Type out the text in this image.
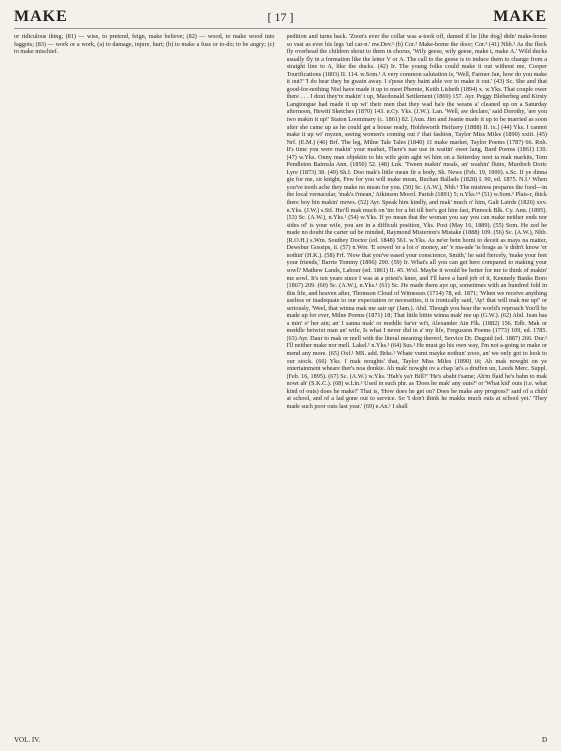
MAKE	[ 17 ]	MAKE

or ridiculous thing; (81) — wise, to pretend, feign, make believe; (82) — wood, to make wood into faggots; (83) — work or a work, (a) to damage, injure, hurt; (b) to make a fuss or to-do; to be angry; (c) to make mischief.

pedition and turns back. 'Zoon's ever the collar was a-took off, damed if he [the dog] didn' make-home so vast as ever his legs 'ud car-n.' nw.Dev.¹ (b) Cor.² Make-home the door; Cor.³ (41) Nhb.¹ As the fleck fly overhead the children shout to them in chorus, 'Wily geese, wily geese, make t, make A.' Wild ducks usually fly in a formation like the letter V or A. The call to the geese is to induce them to change from a straight line to A, like the ducks. (42) Ir. The young folks could make it out without me, Cooper Tourifications (1803) II. 114. w.Som.¹ A very common salutation is, 'Well, Farmer Jan, how do you make it out?' 'I do hear they be gwain away. I s'pose they baint able vor to make it out.' (43) Sc. She and that good-for-nothing Niel have made it up to meet Phemie, Keith Lisbeth (1894) x. w.Yks. That couple ower there . . . I dout they're makin' t up, Macdonald Settlement (1869) 157. Ayr. Peggy Bleberbeg and Kirsty Langtongue had made it up wi' their men that they wad ha'e the weans a' cleaned up on a Saturday afternoon, Hewitt Sketches (1870) 143. n.Cy. Yks. (J.W.). Lan. 'Well, aw declare,' said Dorothy, 'are you two makin it up!' Staton Loominary (c. 1861) 82. [Aun. Jim and Jeanie made it up to be married as soon after she came up as he could get a house ready, Holdsworth Heifzery (1888) II. ix.] (44) Yks. I cannot make it up wi' myzen, seeing women's coming out i' that fashion, Taylor Miss Miles (1890) xxiii. (45) Nrf. (E.M.) (46) Brf. The leg, Milne Tale Tales (1840) 11 make market, Taylor Poems (1787) 66. Rxb. It's time you were makin' your market, There's nae use in waitin' ower lang, Bard Poems (1861) 130. (47) w.Yks. Onny man objektin to his wife goin aght wi him on a Setterday neet ta mak markits, Tom Pendleton Bairnsla Ann. (1850) 52. (48) Lnk. 'Tween makin' meals, an' washin' fluirs, Murdoch Doric Lyre (1873) 38. (49) Sh.I. Doo mak's little mean fir a body, Sh. News (Feb. 19, 1900). s.Sc. If ye dinna gie for me, sir knight, Few for you will make mean, Buchan Ballads (1828) I. 90, ed. 1875. N.I.¹ When you've tooth ache they make no mean for you. (50) Sc. (A.W.), Nhb.¹ The mistress prepares the food—in the local vernacular, 'mak's t'mean,' Atkinson Moorl. Parish (1891) 5; n.Yks.¹⁴ (51) w.Som.¹ Plais-r, thick there boy bin makin' mows. (52) Ayr. Speak him kindly, and mak' much o' him, Galt Lairds (1826) xxv. n.Yks. (J.W.) s.Stf. Her'll mak much on 'im for a bit till her's got him fast, Pinnock Blk. Cy. Ann. (1895). (53) Sc. (A.W.), n.Yks.¹ (54) w.Yks. If yo mean that the woman you say you can make neither ends nor sides of' is your wife, you are in a difficult position, Yks. Post (May 16, 1889). (55) Som. He zed he made no doubt the carter ud be minded, Raymond Misterton's Mistake (1888) 109. (56) Sc. (A.W.), Nhb. (R.O.H.) s.Wm. Southey Doctor (ed. 1848) 561. w.Yks. As ne'er bein borni to deceit as mays na matter, Dewsbur Gossips, ii. (57) n.Wor. 'E sowed 'er a lot o' money, an' 'e ma-ade 'is brags as 'e didn't know 'er nothin' (H.K.). (58) Frf. 'Now that you've eased your conscience, Smith,' he said fiercely, 'make your feet your friends,' Barrie Tommy (1896) 290. (59) Ir. What's all you can get here compared to making your sowl? Mathew Lands, Labour (ed. 1861) II. 45. Wxf. Maybe it would be better for me to think of makin' me sowl. It's ten years since I was at a priest's knee, and I'll have a hard job of it, Kennedy Banks Boro (1867) 209. (60) Sc. (A.W.), n.Yks.¹ (61) Sc. He made them aye up, sometimes with an hundred fold in this life, and heaven after, Thomson Cloud of Witnesses (1714) 78, ed. 1871; 'When we receive anything useless or inadequate to our expectation or necessities, it is ironically said, 'Ay! that will mak me up!' or seriously, 'Weel, that winna mak me sair up' (Jam.). Abd. Though you bear the world's reproach You'll be made up for ever, Milne Poems (1871) 18; That little bittie winna mak' me up (G.W.). (62) Abd. Jean has a min' o' her ain; an' I sanna mak' or meddle far'er wi't, Alexander Ain Flk. (1882) 156. Edb. Mak or meddle betwixt man an' wife, Is what I never did in a' my life, Fergusson Poems (1773) 109, ed. 1785. (63) Ayr. Daur to mak or mell with the literal meaning thereof, Service Dr. Duguid (ed. 1887) 266. Dur.¹ I'll neither make nor mell. Lakel.¹ n.Yks.¹ (64) Sus.¹ He must go his own way, I'm not a-going to make or mend any more. (65) Oxf.¹ MS. add. Brks.¹ Whate vumt mayke nothun' zooo, an' we only got to look to our stock. (66) Yks. I mak noughts' that, Taylor Miss Miles (1890) iii; Ah mak nowght on ye entertainment wheare ther's noa donkie. Ah mak' nowght ov a chap 'at's a druffen un, Leeds Merc. Suppl. (Feb. 16, 1895). (67) Sc. (A.W.) w.Yks. 'Hah's ya'r Bill?' 'He's abaht t'same; Ah'm flaid he's bahn to mak nowt ah' (S.K.C.). (68) w.Lin.¹ Used in such phr. as 'Does he mak' any outs?' or 'What kid' outs (i.e. what kind of outs) does he make?' That is, 'How does he get on? Does he make any progress?' said of a child at school, and of a lad gone out to service. So 'I don't think he makks much outs at school yet.' 'They made such poor outs last year.' (69) e.An.¹ I shall

VOL. IV.	D
